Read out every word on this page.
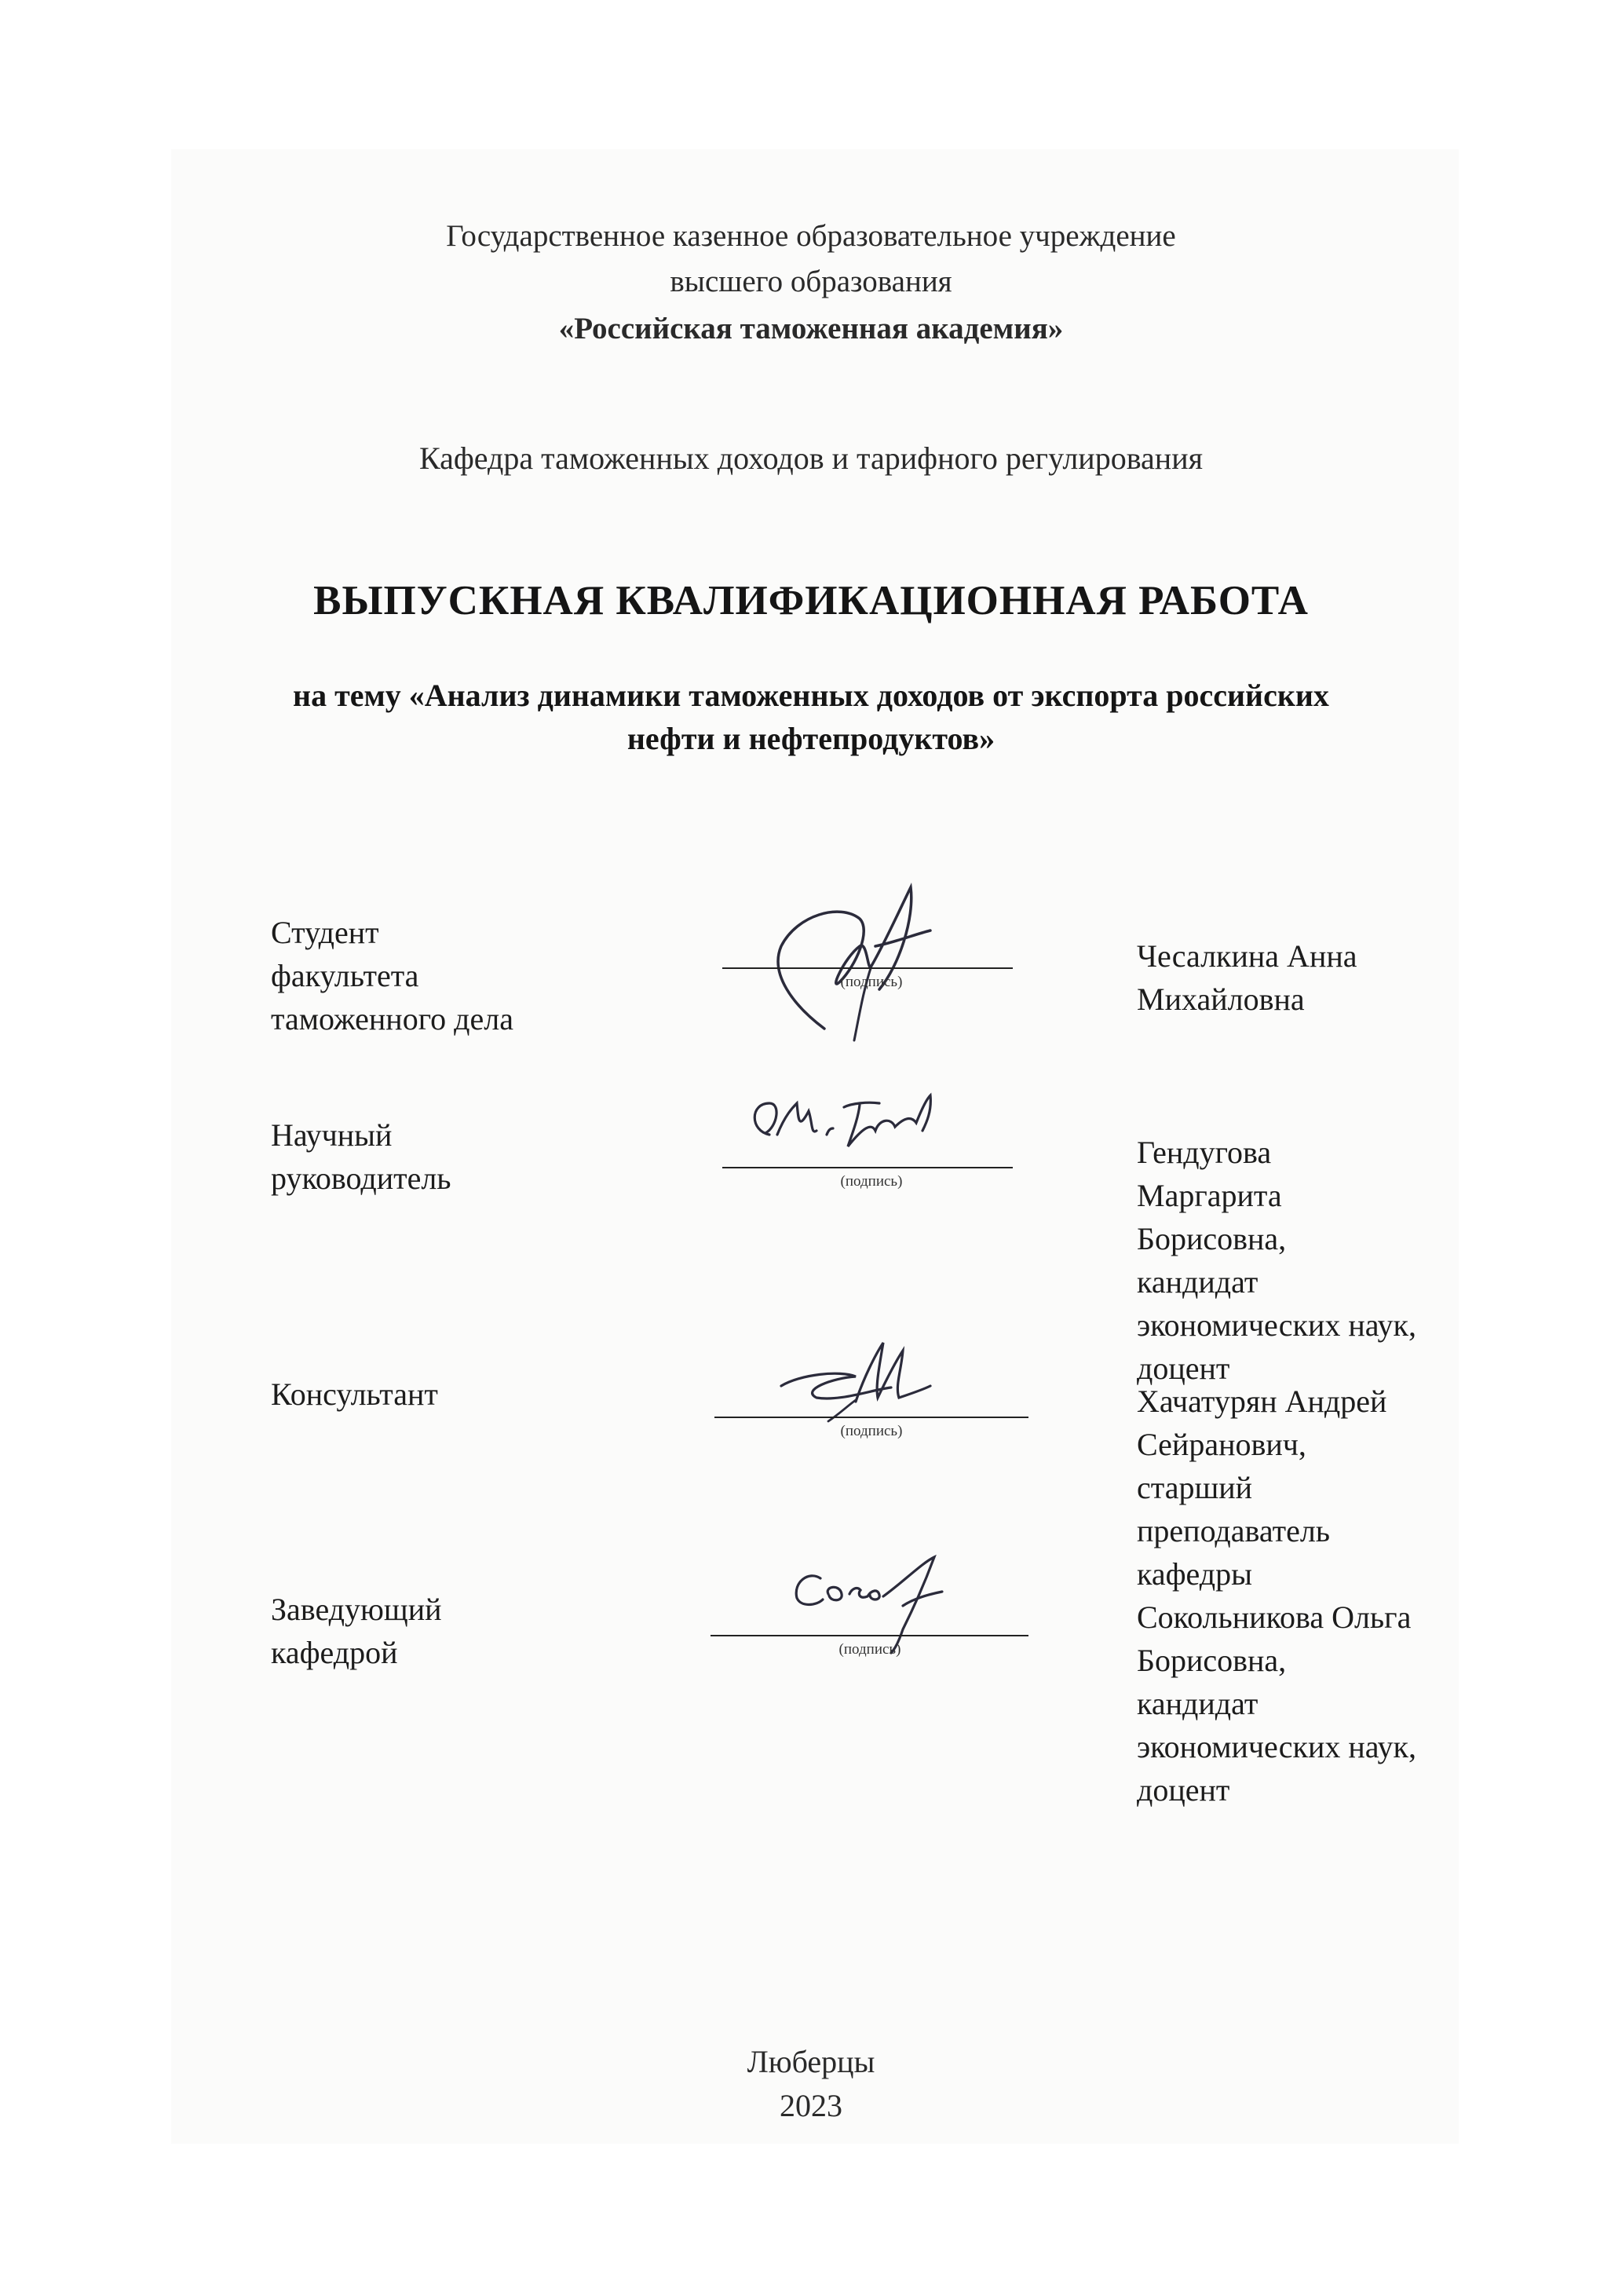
Государственное казенное образовательное учреждение
высшего образования
«Российская таможенная академия»
Кафедра таможенных доходов и тарифного регулирования
ВЫПУСКНАЯ КВАЛИФИКАЦИОННАЯ РАБОТА
на тему «Анализ динамики таможенных доходов от экспорта российских
нефти и нефтепродуктов»
Студент
факультета
таможенного дела
(подпись)
Чесалкина Анна
Михайловна
Научный
руководитель	(подпись)
Гендугова
Маргарита
Борисовна,
кандидат
экономических наук,
доцент
Консультант
(подпись)
Хачатурян Андрей
Сейранович,
старший
преподаватель
кафедры
Заведующий
кафедрой	(подпись)
Сокольникова Ольга
Борисовна,
кандидат
экономических наук,
доцент
Люберцы
2023
